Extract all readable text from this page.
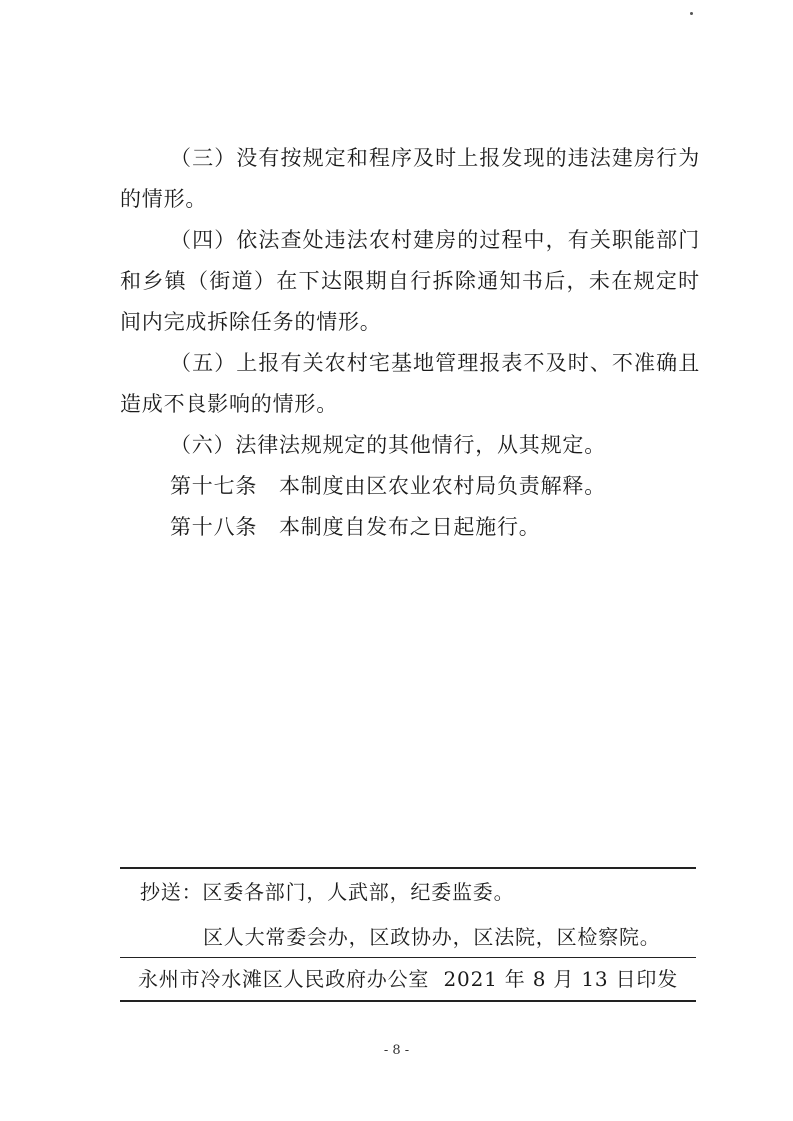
（三）没有按规定和程序及时上报发现的违法建房行为的情形。

（四）依法查处违法农村建房的过程中，有关职能部门和乡镇（街道）在下达限期自行拆除通知书后，未在规定时间内完成拆除任务的情形。

（五）上报有关农村宅基地管理报表不及时、不准确且造成不良影响的情形。

（六）法律法规规定的其他情行，从其规定。

第十七条　本制度由区农业农村局负责解释。

第十八条　本制度自发布之日起施行。

抄送：区委各部门，人武部，纪委监委。
区人大常委会办，区政协办，区法院，区检察院。
永州市冷水滩区人民政府办公室 2021 年 8 月 13 日印发
- 8 -
